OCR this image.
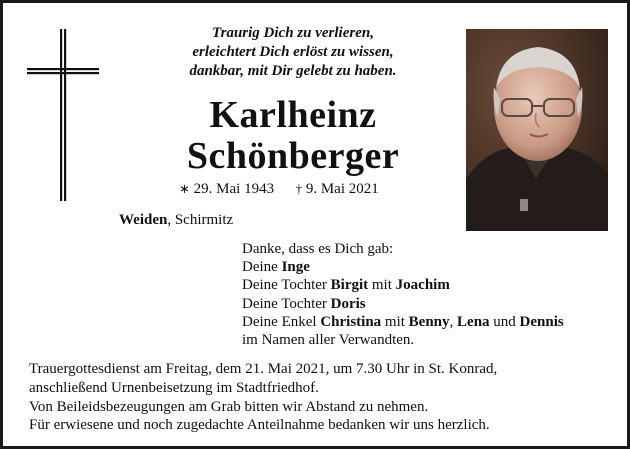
Traurig Dich zu verlieren,
erleichtert Dich erlöst zu wissen,
dankbar, mit Dir gelebt zu haben.
Karlheinz
Schönberger
∗ 29. Mai 1943 † 9. Mai 2021
Weiden, Schirmitz
Danke, dass es Dich gab:
Deine Inge
Deine Tochter Birgit mit Joachim
Deine Tochter Doris
Deine Enkel Christina mit Benny, Lena und Dennis
im Namen aller Verwandten.
Trauergottesdienst am Freitag, dem 21. Mai 2021, um 7.30 Uhr in St. Konrad,
anschließend Urnenbeisetzung im Stadtfriedhof.
Von Beileidsbezeugungen am Grab bitten wir Abstand zu nehmen.
Für erwiesene und noch zugedachte Anteilnahme bedanken wir uns herzlich.
